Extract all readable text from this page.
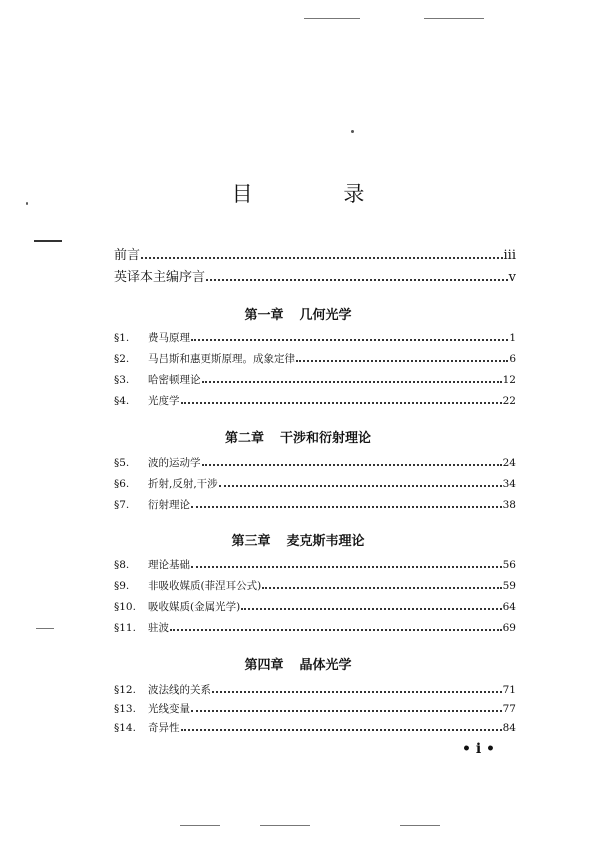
目 录
前言	iii
英译本主编序言	v
第一章 几何光学
§1. 费马原理	1
§2. 马吕斯和惠更斯原理。成象定律	6
§3. 哈密顿理论	12
§4. 光度学	22
第二章 干涉和衍射理论
§5. 波的运动学	24
§6. 折射,反射,干涉	34
§7. 衍射理论	38
第三章 麦克斯韦理论
§8. 理论基础	56
§9. 非吸收媒质(菲涅耳公式)	59
§10. 吸收媒质(金属光学)	64
§11. 驻波	69
第四章 晶体光学
§12. 波法线的关系	71
§13. 光线变量	77
§14. 奇异性	84
• i •
